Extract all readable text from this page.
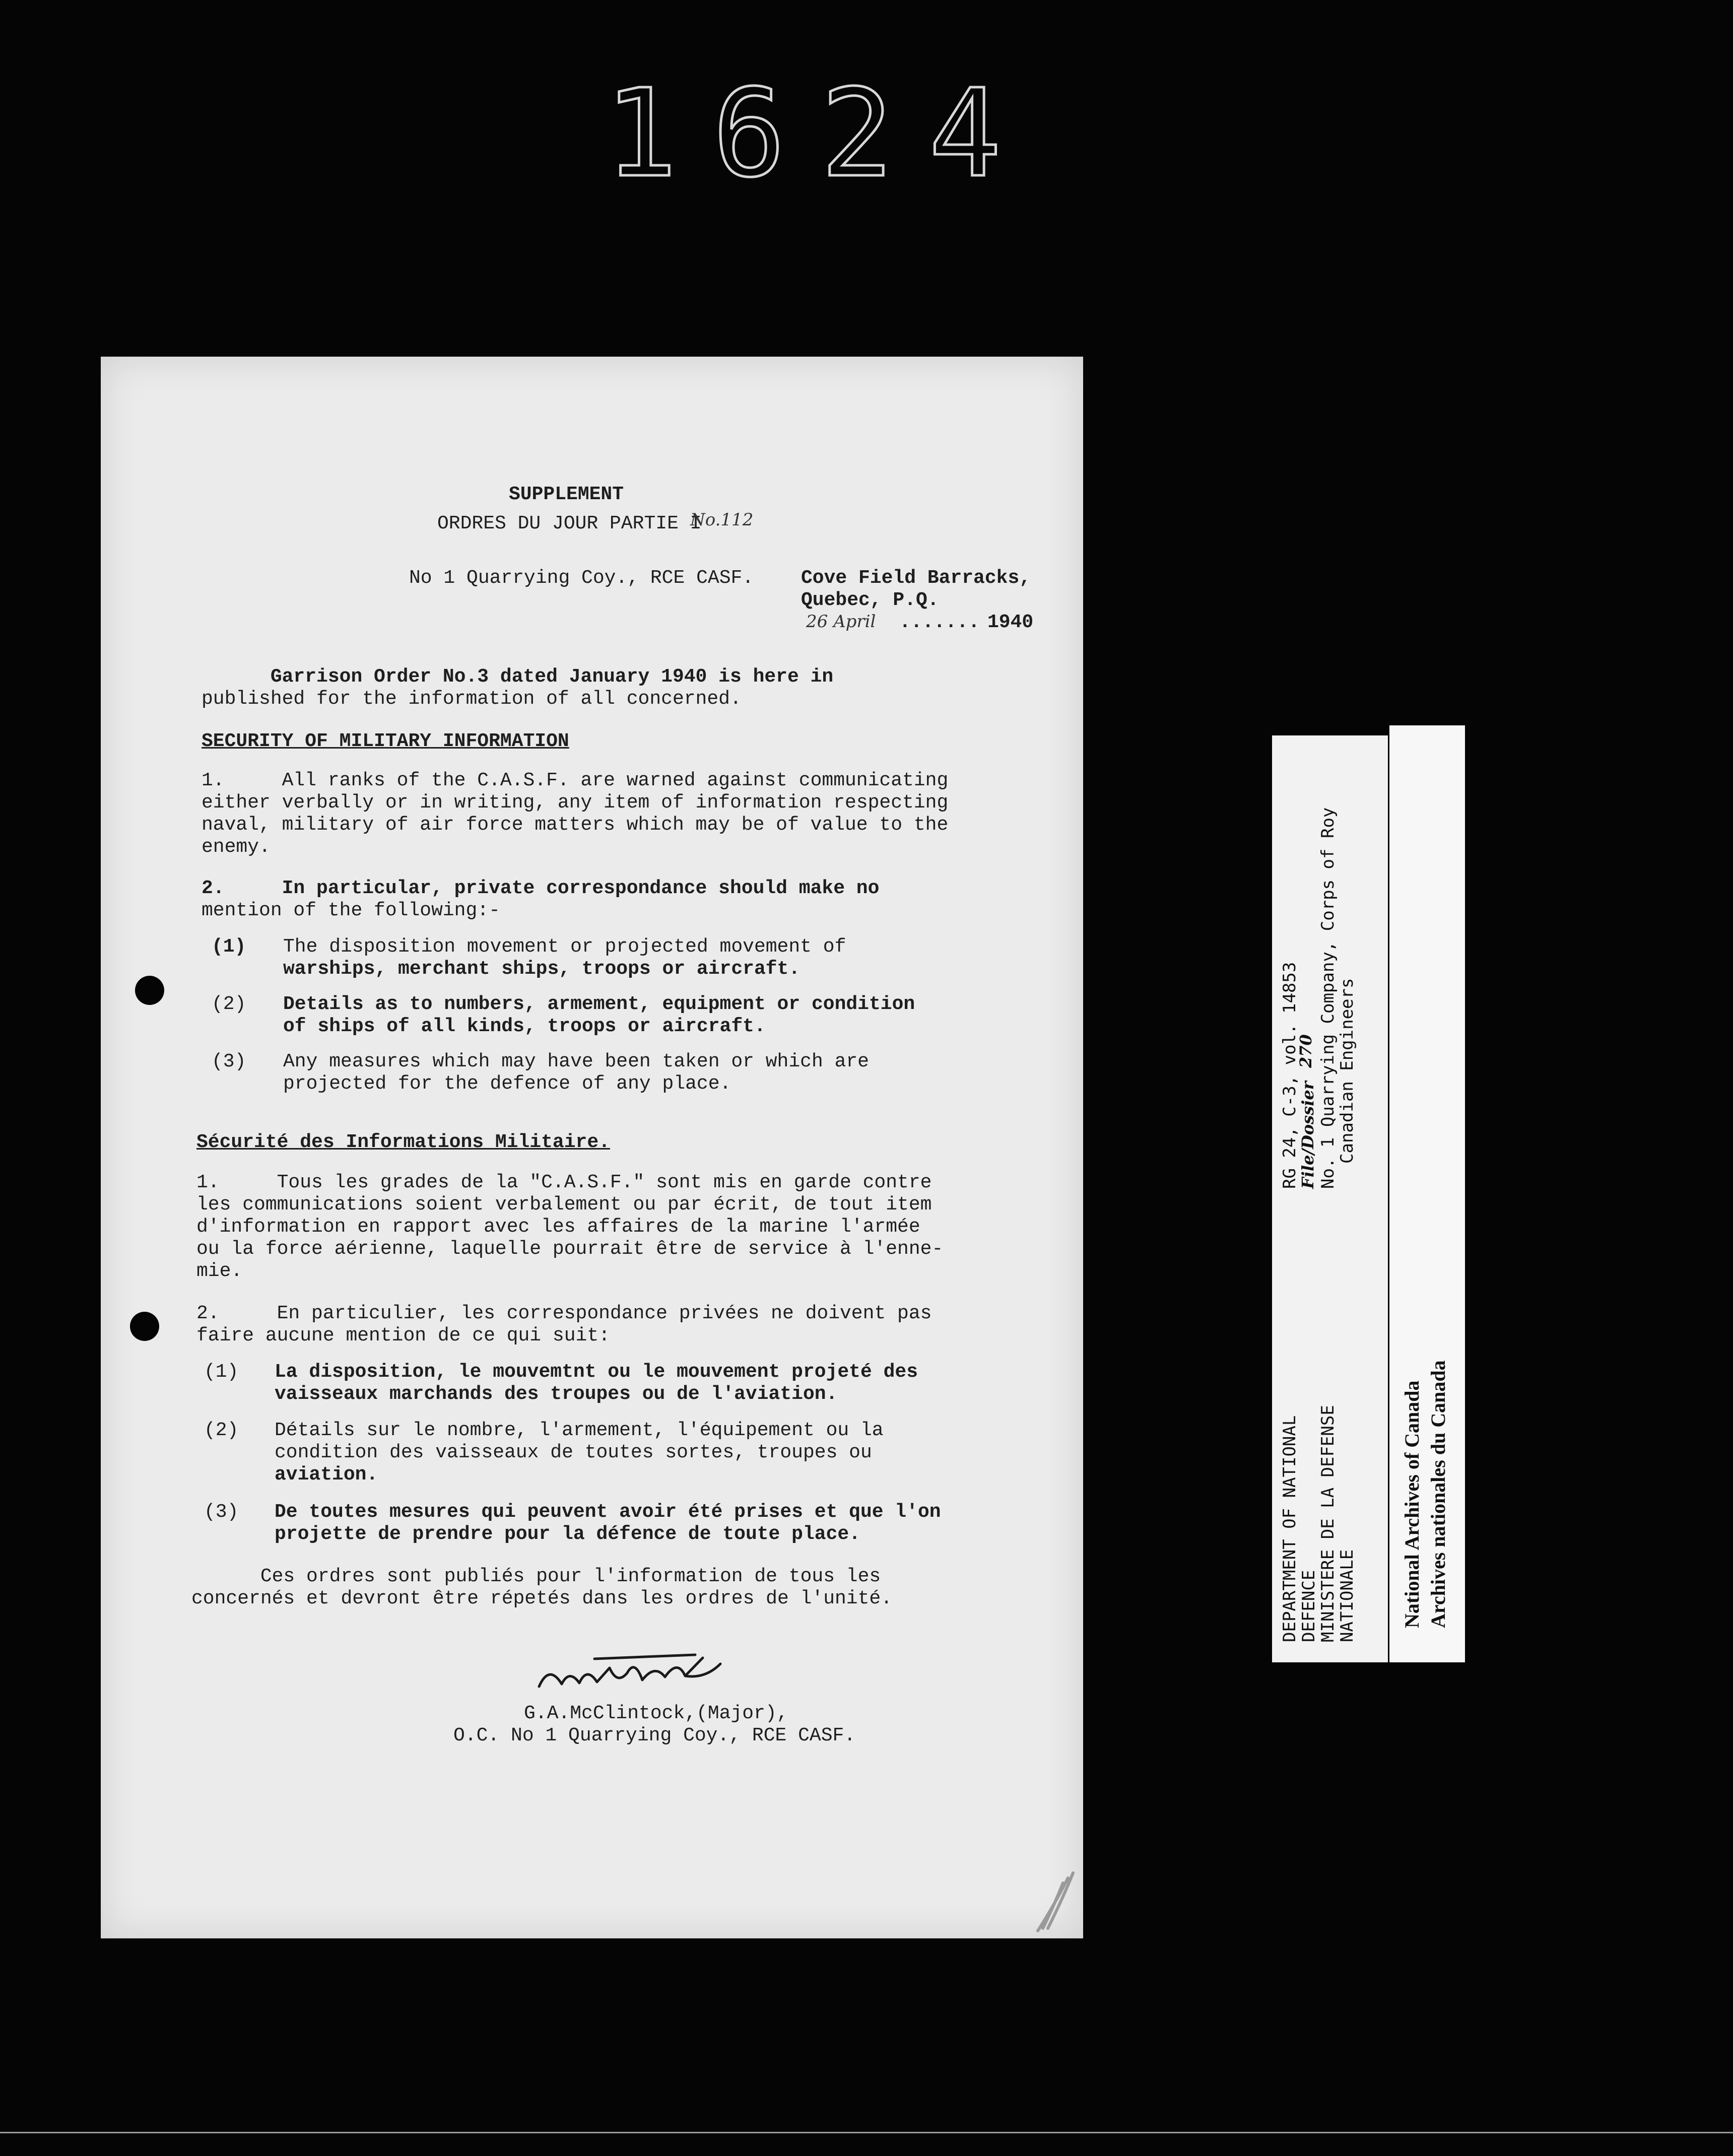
1624
SUPPLEMENT
ORDRES DU JOUR PARTIE I
No.112
No 1 Quarrying Coy., RCE CASF. Cove Field Barracks,
Quebec, P.Q.
26 April ....... 1940
Garrison Order No.3 dated January 1940 is here in
published for the information of all concerned.
SECURITY OF MILITARY INFORMATION
1.     All ranks of the C.A.S.F. are warned against communicating
either verbally or in writing, any item of information respecting
naval, military of air force matters which may be of value to the
enemy.
2.     In particular, private correspondance should make no
mention of the following:-
(1) The disposition movement or projected movement of
warships, merchant ships, troops or aircraft.
(2) Details as to numbers, armement, equipment or condition
of ships of all kinds, troops or aircraft.
(3) Any measures which may have been taken or which are
projected for the defence of any place.
Sécurité des Informations Militaire.
1.     Tous les grades de la "C.A.S.F." sont mis en garde contre
les communications soient verbalement ou par écrit, de tout item
d'information en rapport avec les affaires de la marine l'armée
ou la force aérienne, laquelle pourrait être de service à l'enne-
mie.
2.     En particulier, les correspondance privées ne doivent pas
faire aucune mention de ce qui suit:
(1) La disposition, le mouvemtnt ou le mouvement projeté des
vaisseaux marchands des troupes ou de l'aviation.
(2) Détails sur le nombre, l'armement, l'équipement ou la
condition des vaisseaux de toutes sortes, troupes ou
aviation.
(3) De toutes mesures qui peuvent avoir été prises et que l'on
projette de prendre pour la défence de toute place.
Ces ordres sont publiés pour l'information de tous les
concernés et devront être répetés dans les ordres de l'unité.
G.A.McClintock,(Major),
O.C. No 1 Quarrying Coy., RCE CASF.
DEPARTMENT OF NATIONAL
DEFENCE
MINISTERE DE LA DEFENSE
NATIONALE
RG 24, C-3, vol. 14853
File/Dossier
270 No. 1 Quarrying Company, Corps of Roy
Canadian Engineers
National Archives of Canada Archives nationales du Canada
